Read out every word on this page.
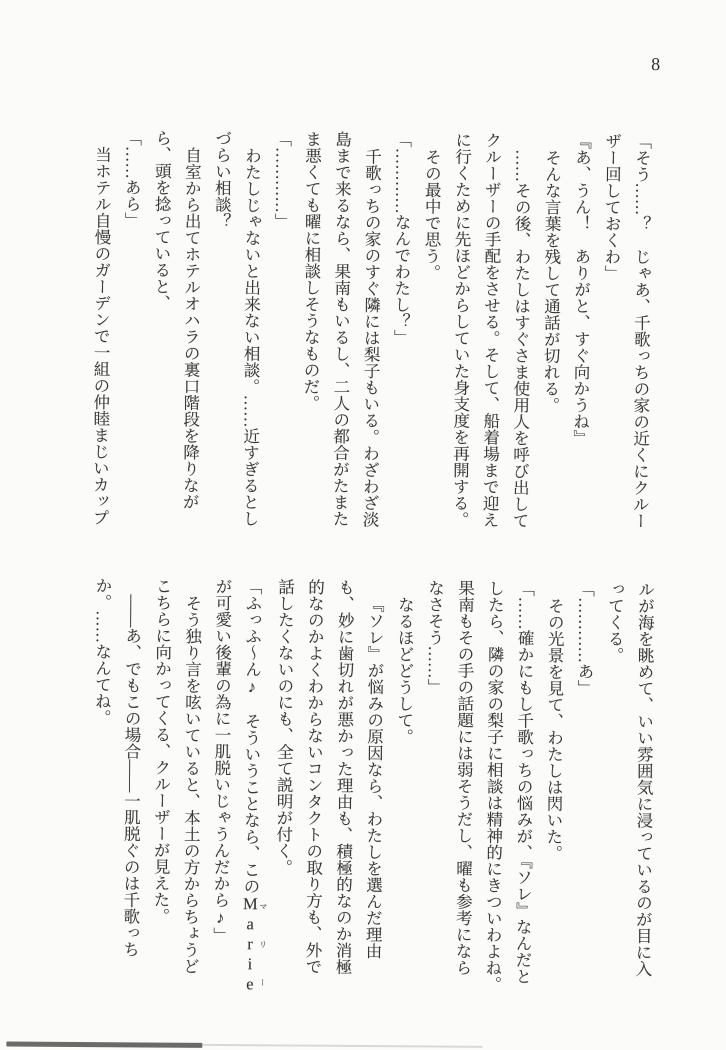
8
「そう……？　じゃあ、千歌っちの家の近くにクルー
ザー回しておくわ」
『あ、うん！　ありがと、すぐ向かうね』
そんな言葉を残して通話が切れる。
……その後、わたしはすぐさま使用人を呼び出して
クルーザーの手配をさせる。そして、船着場まで迎え
に行くために先ほどからしていた身支度を再開する。
その最中で思う。
「…………なんでわたし？」
千歌っちの家のすぐ隣には梨子もいる。わざわざ淡
島まで来るなら、果南もいるし、二人の都合がたまた
ま悪くても曜に相談しそうなものだ。
「…………」
わたしじゃないと出来ない相談。……近すぎるとし
づらい相談？
自室から出てホテルオハラの裏口階段を降りなが
ら、頭を捻っていると、
「……あら」
当ホテル自慢のガーデンで一組の仲睦まじいカップ
ルが海を眺めて、いい雰囲気に浸っているのが目に入
ってくる。
「…………あ」
その光景を見て、わたしは閃いた。
「……確かにもし千歌っちの悩みが、『ソレ』なんだと
したら、隣の家の梨子に相談は精神的にきついわよね。
果南もその手の話題には弱そうだし、曜も参考になら
なさそう……」
なるほどどうして。
『ソレ』が悩みの原因なら、わたしを選んだ理由
も、妙に歯切れが悪かった理由も、積極的なのか消極
的なのかよくわからないコンタクトの取り方も、外で
話したくないのにも、全て説明が付く。
「ふっふ〜ん♪　そういうことなら、このMarieマリー
が可愛い後輩の為に一肌脱いじゃうんだから♪」
そう独り言を呟いていると、本土の方からちょうど
こちらに向かってくる、クルーザーが見えた。
――あ、でもこの場合――一肌脱ぐのは千歌っち
か。……なんてね。
